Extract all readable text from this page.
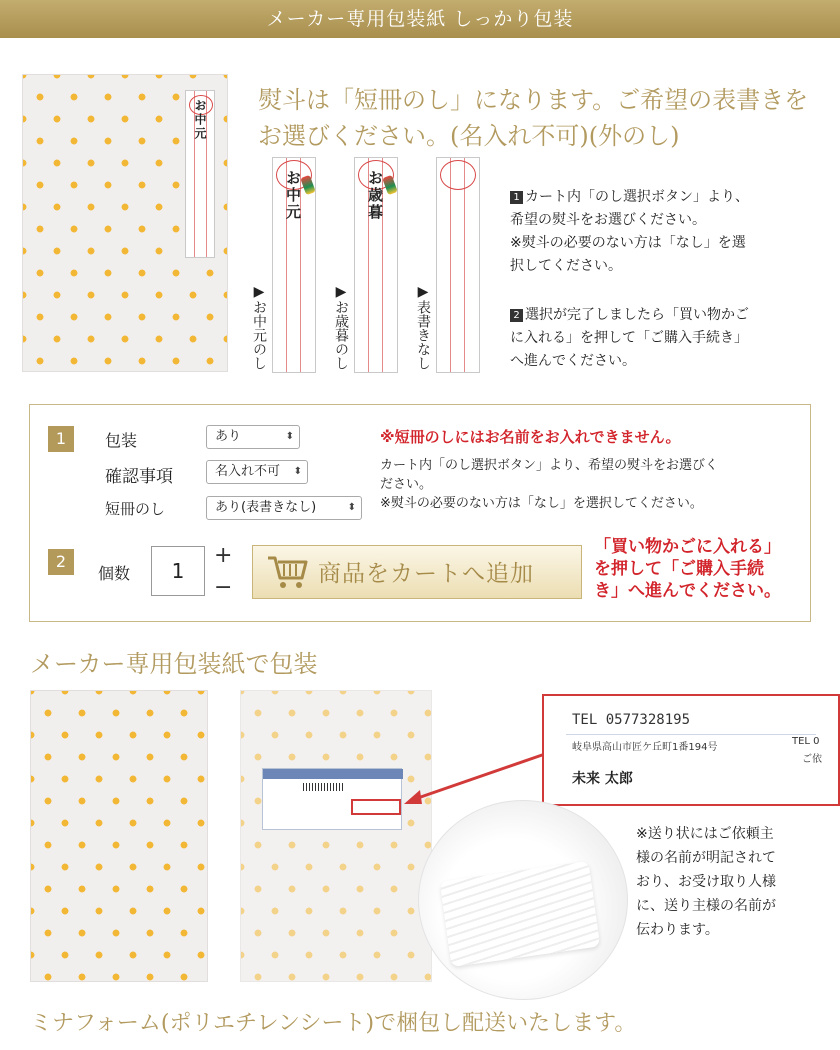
メーカー専用包装紙 しっかり包装
お中元 熨斗は「短冊のし」になります。ご希望の表書きを
お選びください。(名入れ不可)(外のし)
お中元
▶お中元のし
お歳暮
▶お歳暮のし	▶表書きなし
1 カート内「のし選択ボタン」より、
希望の熨斗をお選びください。
※熨斗の必要のない方は「なし」を選
択してください。
2 選択が完了しましたら「買い物かご
に入れる」を押して「ご購入手続き」
へ進んでください。
1	包装	あり	⬍
確認事項	名入れ不可 ⬍
短冊のし	あり(表書きなし)	⬍
※短冊のしにはお名前をお入れできません。
カート内「のし選択ボタン」より、希望の熨斗をお選びく
ださい。
※熨斗の必要のない方は「なし」を選択してください。
2
個数	1
+
−
商品をカートへ追加
「買い物かごに入れる」
を押して「ご購入手続
き」へ進んでください。
メーカー専用包装紙で包装
TEL 0577328195
岐阜県高山市匠ケ丘町1番194号
TEL 0
ご依
未来 太郎
※送り状にはご依頼主
様の名前が明記されて
おり、お受け取り人様
に、送り主様の名前が
伝わります。
ミナフォーム(ポリエチレンシート)で梱包し配送いたします。
